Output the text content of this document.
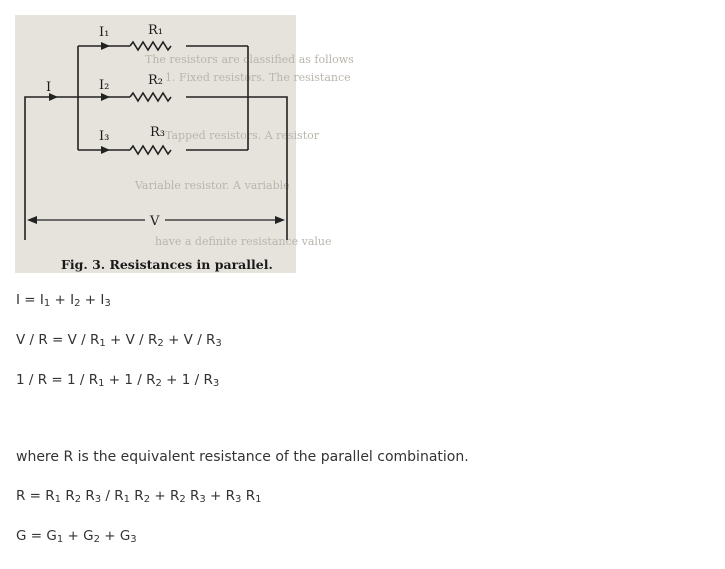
The resistors are classified as follows
1. Fixed resistors. The resistance
Tapped resistors. A resistor
Variable resistor. A variable
have a definite resistance value
I
I₁
I₂
I₃
R₁
R₂
R₃
V
Fig. 3. Resistances in parallel.
$I = I_1 + I_2 + I_3$
$V / R = V / R_1 + V / R_2 + V / R_3$
$1 / R = 1 / R_1 + 1 / R_2 + 1 / R_3$
where R is the equivalent resistance of the parallel combination.
$R = R_1$ $R_2$ $R_3 / R_1$ $R_2 + R_2$ $R_3 + R_3$ $R_1$
$G = G_1 + G_2 + G_3$
